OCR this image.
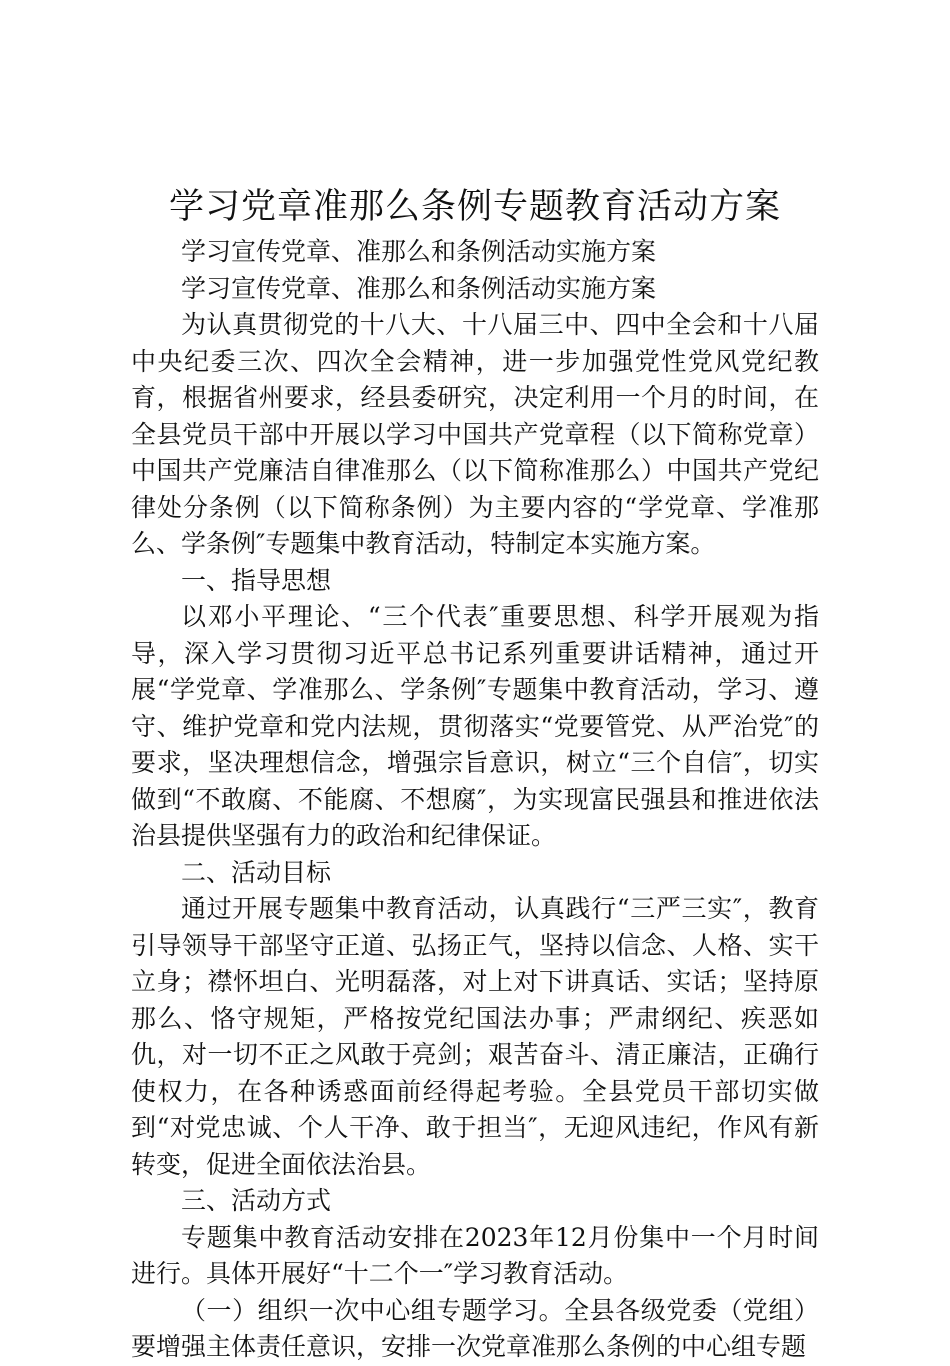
学习党章准那么条例专题教育活动方案

学习宣传党章、准那么和条例活动实施方案

学习宣传党章、准那么和条例活动实施方案

为认真贯彻党的十八大、十八届三中、四中全会和十八届中央纪委三次、四次全会精神，进一步加强党性党风党纪教育，根据省州要求，经县委研究，决定利用一个月的时间，在全县党员干部中开展以学习中国共产党章程（以下简称党章）中国共产党廉洁自律准那么（以下简称准那么）中国共产党纪律处分条例（以下简称条例）为主要内容的“学党章、学准那么、学条例″专题集中教育活动，特制定本实施方案。

一、指导思想

以邓小平理论、“三个代表″重要思想、科学开展观为指导，深入学习贯彻习近平总书记系列重要讲话精神，通过开展“学党章、学准那么、学条例″专题集中教育活动，学习、遵守、维护党章和党内法规，贯彻落实“党要管党、从严治党″的要求，坚决理想信念，增强宗旨意识，树立“三个自信″，切实做到“不敢腐、不能腐、不想腐″，为实现富民强县和推进依法治县提供坚强有力的政治和纪律保证。

二、活动目标

通过开展专题集中教育活动，认真践行“三严三实″，教育引导领导干部坚守正道、弘扬正气，坚持以信念、人格、实干立身；襟怀坦白、光明磊落，对上对下讲真话、实话；坚持原那么、恪守规矩，严格按党纪国法办事；严肃纲纪、疾恶如仇，对一切不正之风敢于亮剑；艰苦奋斗、清正廉洁，正确行使权力，在各种诱惑面前经得起考验。全县党员干部切实做到“对党忠诚、个人干净、敢于担当″，无迎风违纪，作风有新转变，促进全面依法治县。

三、活动方式

专题集中教育活动安排在2023年12月份集中一个月时间进行。具体开展好“十二个一″学习教育活动。

（一）组织一次中心组专题学习。全县各级党委（党组）要增强主体责任意识，安排一次党章准那么条例的中心组专题
